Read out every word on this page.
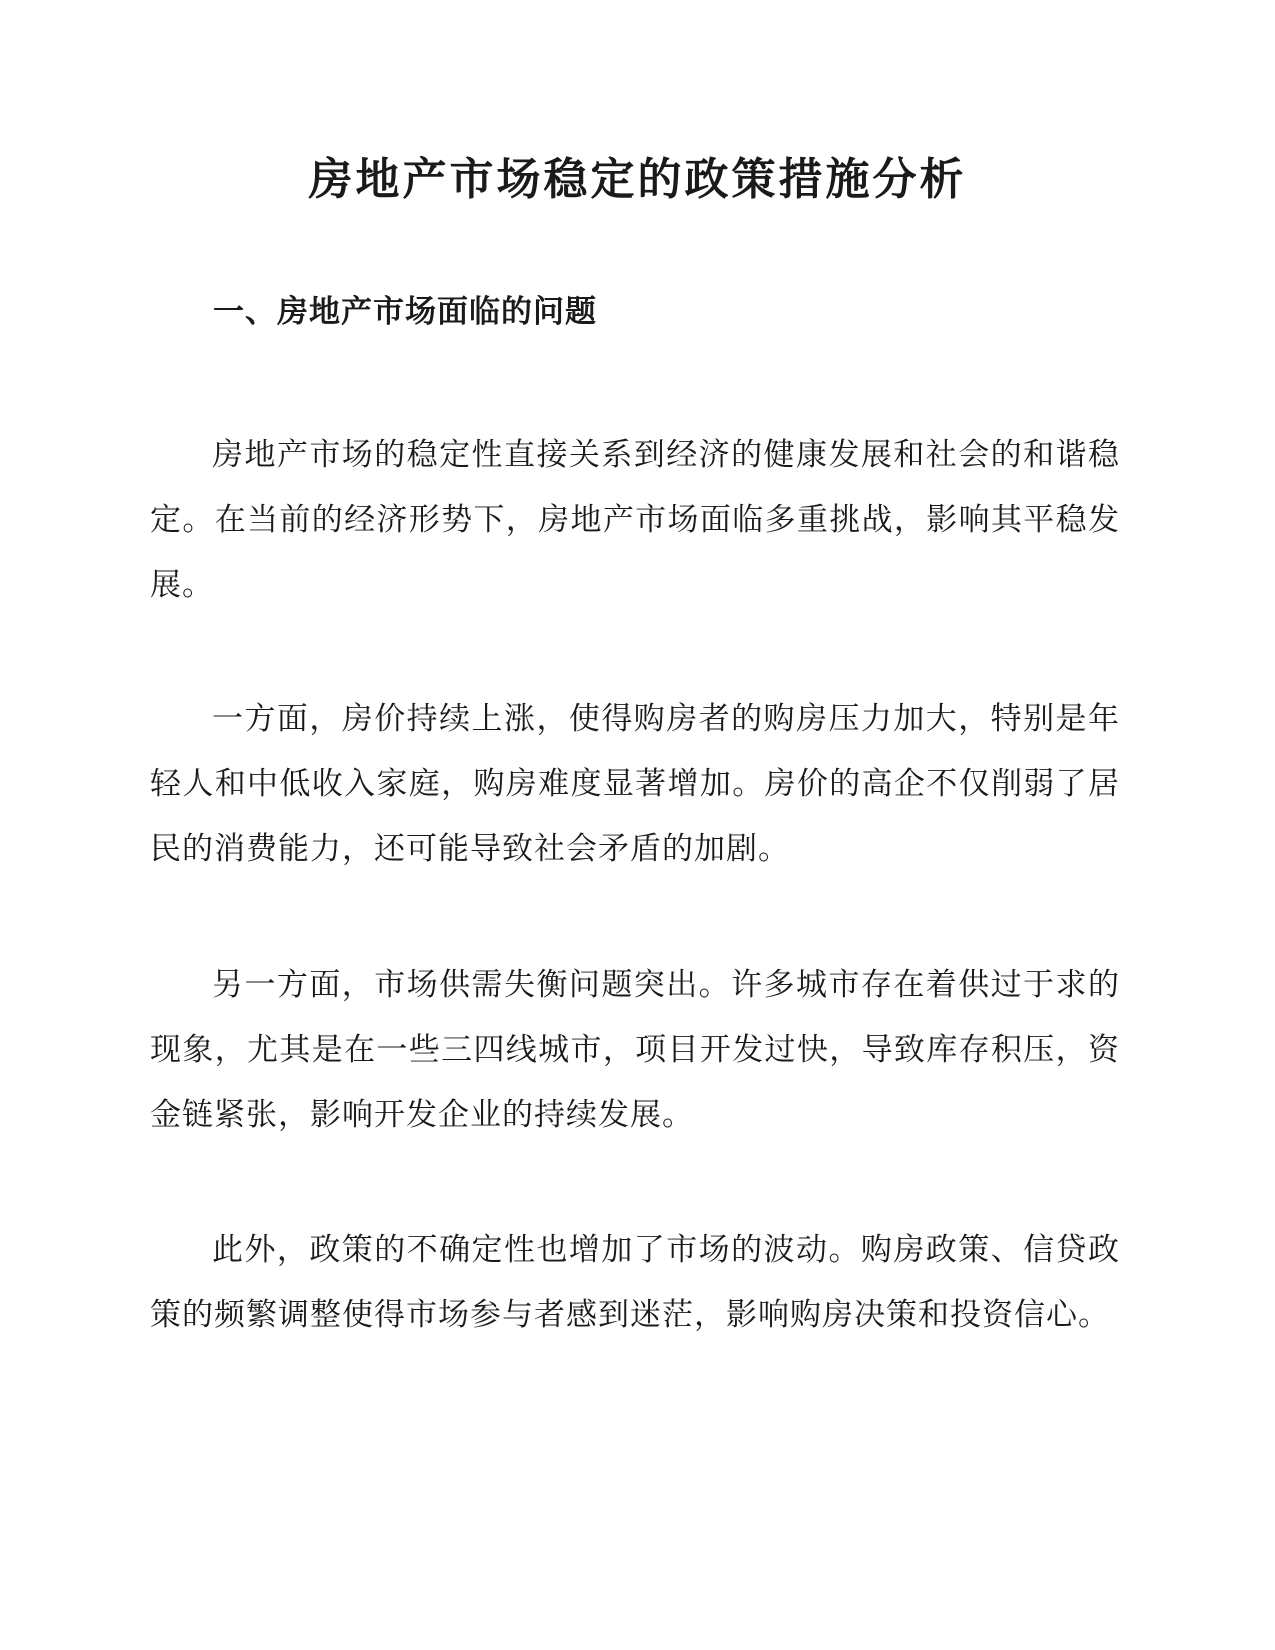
房地产市场稳定的政策措施分析
一、房地产市场面临的问题

房地产市场的稳定性直接关系到经济的健康发展和社会的和谐稳定。在当前的经济形势下，房地产市场面临多重挑战，影响其平稳发展。

一方面，房价持续上涨，使得购房者的购房压力加大，特别是年轻人和中低收入家庭，购房难度显著增加。房价的高企不仅削弱了居民的消费能力，还可能导致社会矛盾的加剧。

另一方面，市场供需失衡问题突出。许多城市存在着供过于求的现象，尤其是在一些三四线城市，项目开发过快，导致库存积压，资金链紧张，影响开发企业的持续发展。

此外，政策的不确定性也增加了市场的波动。购房政策、信贷政策的频繁调整使得市场参与者感到迷茫，影响购房决策和投资信心。
